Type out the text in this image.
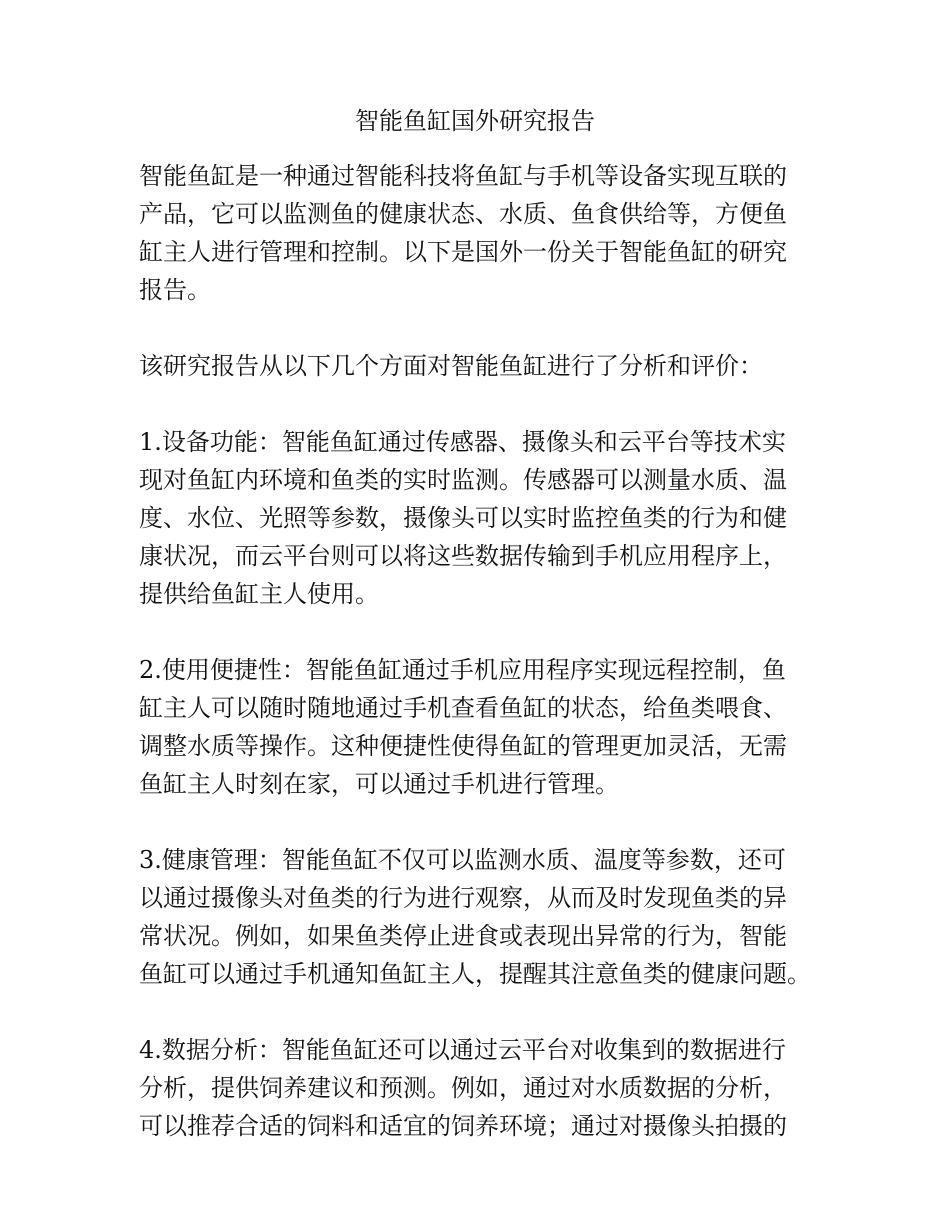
智能鱼缸国外研究报告
智能鱼缸是一种通过智能科技将鱼缸与手机等设备实现互联的
产品，它可以监测鱼的健康状态、水质、鱼食供给等，方便鱼
缸主人进行管理和控制。以下是国外一份关于智能鱼缸的研究
报告。
该研究报告从以下几个方面对智能鱼缸进行了分析和评价：
1.设备功能：智能鱼缸通过传感器、摄像头和云平台等技术实
现对鱼缸内环境和鱼类的实时监测。传感器可以测量水质、温
度、水位、光照等参数，摄像头可以实时监控鱼类的行为和健
康状况，而云平台则可以将这些数据传输到手机应用程序上，
提供给鱼缸主人使用。
2.使用便捷性：智能鱼缸通过手机应用程序实现远程控制，鱼
缸主人可以随时随地通过手机查看鱼缸的状态，给鱼类喂食、
调整水质等操作。这种便捷性使得鱼缸的管理更加灵活，无需
鱼缸主人时刻在家，可以通过手机进行管理。
3.健康管理：智能鱼缸不仅可以监测水质、温度等参数，还可
以通过摄像头对鱼类的行为进行观察，从而及时发现鱼类的异
常状况。例如，如果鱼类停止进食或表现出异常的行为，智能
鱼缸可以通过手机通知鱼缸主人，提醒其注意鱼类的健康问题。
4.数据分析：智能鱼缸还可以通过云平台对收集到的数据进行
分析，提供饲养建议和预测。例如，通过对水质数据的分析，
可以推荐合适的饲料和适宜的饲养环境；通过对摄像头拍摄的
